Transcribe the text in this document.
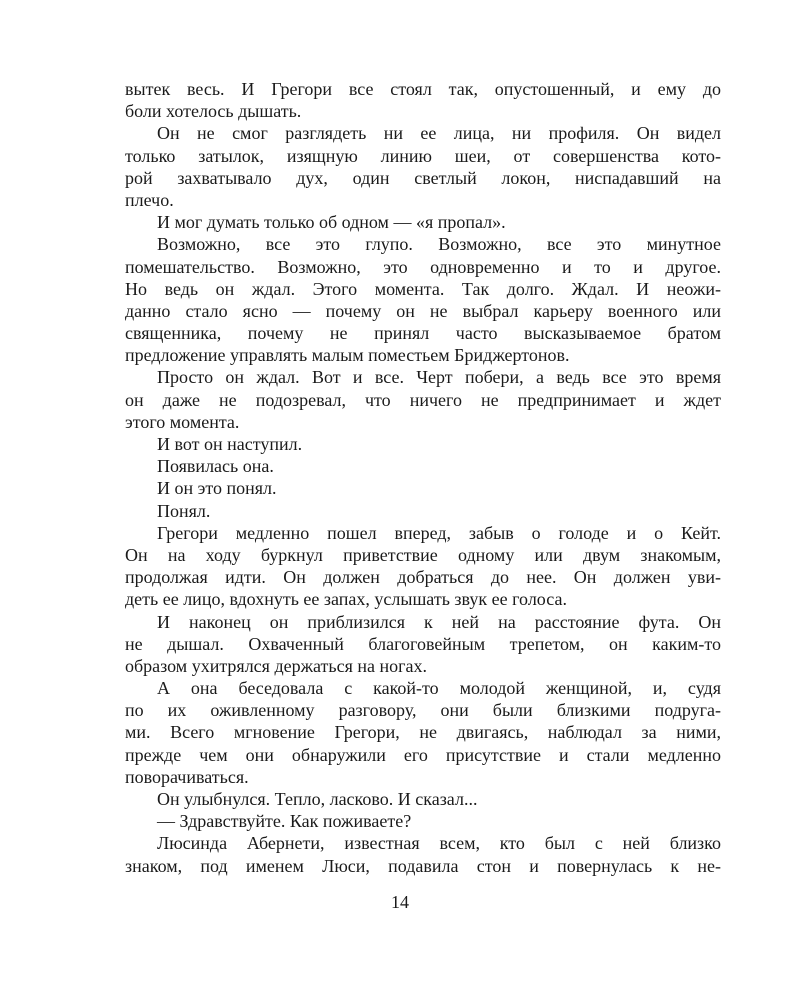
вытек весь. И Грегори все стоял так, опустошенный, и ему до
боли хотелось дышать.
Он не смог разглядеть ни ее лица, ни профиля. Он видел
только затылок, изящную линию шеи, от совершенства кото-
рой захватывало дух, один светлый локон, ниспадавший на
плечо.
И мог думать только об одном — «я пропал».
Возможно, все это глупо. Возможно, все это минутное
помешательство. Возможно, это одновременно и то и другое.
Но ведь он ждал. Этого момента. Так долго. Ждал. И неожи-
данно стало ясно — почему он не выбрал карьеру военного или
священника, почему не принял часто высказываемое братом
предложение управлять малым поместьем Бриджертонов.
Просто он ждал. Вот и все. Черт побери, а ведь все это время
он даже не подозревал, что ничего не предпринимает и ждет
этого момента.
И вот он наступил.
Появилась она.
И он это понял.
Понял.
Грегори медленно пошел вперед, забыв о голоде и о Кейт.
Он на ходу буркнул приветствие одному или двум знакомым,
продолжая идти. Он должен добраться до нее. Он должен уви-
деть ее лицо, вдохнуть ее запах, услышать звук ее голоса.
И наконец он приблизился к ней на расстояние фута. Он
не дышал. Охваченный благоговейным трепетом, он каким-то
образом ухитрялся держаться на ногах.
А она беседовала с какой-то молодой женщиной, и, судя
по их оживленному разговору, они были близкими подруга-
ми. Всего мгновение Грегори, не двигаясь, наблюдал за ними,
прежде чем они обнаружили его присутствие и стали медленно
поворачиваться.
Он улыбнулся. Тепло, ласково. И сказал...
— Здравствуйте. Как поживаете?
Люсинда Абернети, известная всем, кто был с ней близко
знаком, под именем Люси, подавила стон и повернулась к не-
14
